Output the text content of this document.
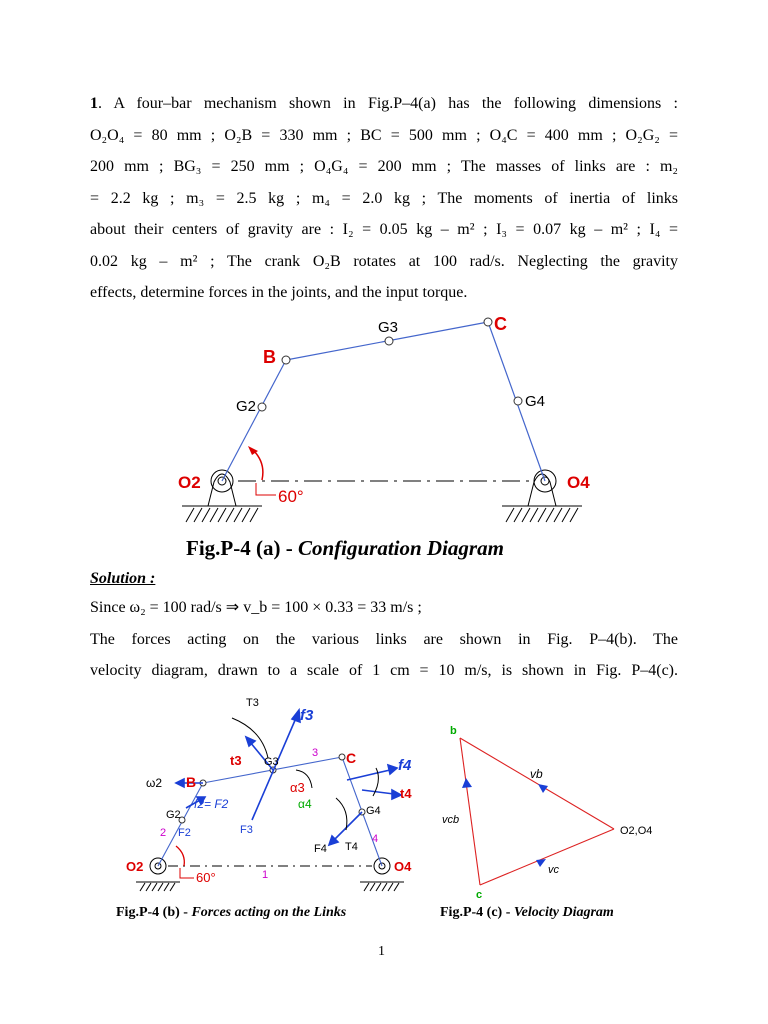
1. A four–bar mechanism shown in Fig.P–4(a) has the following dimensions :
O₂O₄ = 80 mm ; O₂B = 330 mm ; BC = 500 mm ; O₄C = 400 mm ; O₂G₂ =
200 mm ; BG₃ = 250 mm ; O₄G₄ = 200 mm ; The masses of links are : m₂
= 2.2 kg ; m₃ = 2.5 kg ; m₄ = 2.0 kg ; The moments of inertia of links
about their centers of gravity are : I₂ = 0.05 kg – m² ; I₃ = 0.07 kg – m² ; I₄ =
0.02 kg – m² ; The crank O₂B rotates at 100 rad/s. Neglecting the gravity
effects, determine forces in the joints, and the input torque.
G3	C
B
G2	G4
O2	O4
60°
Fig.P-4 (a) - Configuration Diagram
Solution :
Since ω₂ = 100 rad/s ⇒ v_b = 100 × 0.33 = 33 m/s ;
The forces acting on the various links are shown in Fig. P–4(b). The
velocity diagram, drawn to a scale of 1 cm = 10 m/s, is shown in Fig. P–4(c).
T3
f3
t3 G3
3 C	f4
ω2 B	α3	t4
G2
f2= F2	α4	G4
2 F2	F3
4
F4 T4
O2	O4
1
60°
b
vb
vcb
O2,O4
vc
c
Fig.P-4 (b) - Forces acting on the Links	Fig.P-4 (c) - Velocity Diagram
1
